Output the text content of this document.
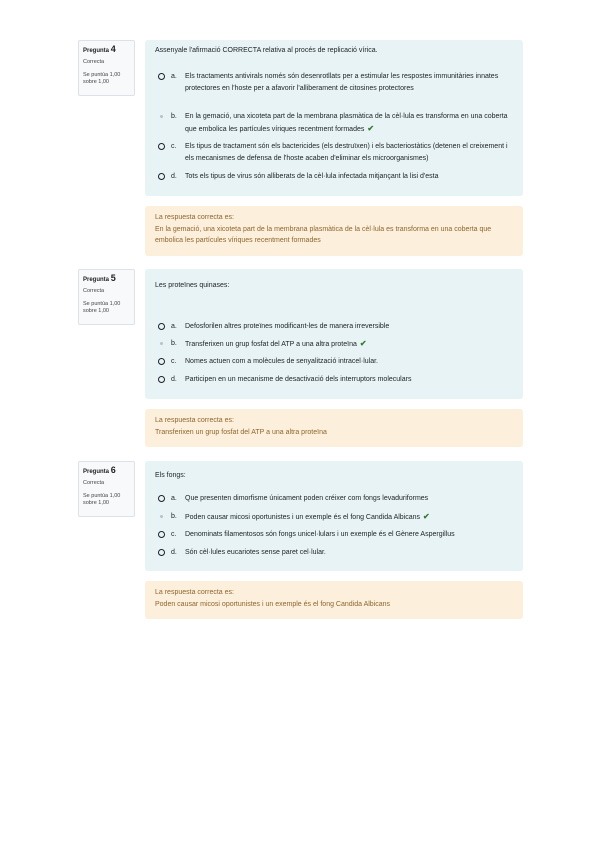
Pregunta 4
Correcta
Se puntúa 1,00 sobre 1,00
Assenyale l'afirmació CORRECTA relativa al procés de replicació vírica.
a.	Els tractaments antivirals només són desenrotllats per a estimular les respostes immunitàries innates protectores en l'hoste per a afavorir l'alliberament de citosines protectores
b.	En la gemació, una xicoteta part de la membrana plasmàtica de la cèl·lula es transforma en una coberta que embolica les partícules víriques recentment formades ✔
c.	Els tipus de tractament són els bactericides (els destruïxen) i els bacteriostàtics (detenen el creixement i els mecanismes de defensa de l'hoste acaben d'eliminar els microorganismes)
d.	Tots els tipus de virus són alliberats de la cèl·lula infectada mitjançant la lisi d'esta
La respuesta correcta es:
En la gemació, una xicoteta part de la membrana plasmàtica de la cèl·lula es transforma en una coberta que embolica les partícules víriques recentment formades
Pregunta 5
Correcta
Se puntúa 1,00 sobre 1,00
Les proteïnes quinases:
a.	Defosforilen altres proteïnes modificant-les de manera irreversible
b.	Transferixen un grup fosfat del ATP a una altra proteïna ✔
c.	Nomes actuen com a molècules de senyalització intracel·lular.
d.	Participen en un mecanisme de desactivació dels interruptors moleculars
La respuesta correcta es:
Transferixen un grup fosfat del ATP a una altra proteïna
Pregunta 6
Correcta
Se puntúa 1,00 sobre 1,00
Els fongs:
a.	Que presenten dimorfisme únicament poden créixer com fongs levaduriformes
b.	Poden causar micosi oportunistes i un exemple és el fong Candida Albicans ✔
c.	Denominats filamentosos són fongs unicel·lulars i un exemple és el Gènere Aspergillus
d.	Són cèl·lules eucariotes sense paret cel·lular.
La respuesta correcta es:
Poden causar micosi oportunistes i un exemple és el fong Candida Albicans
